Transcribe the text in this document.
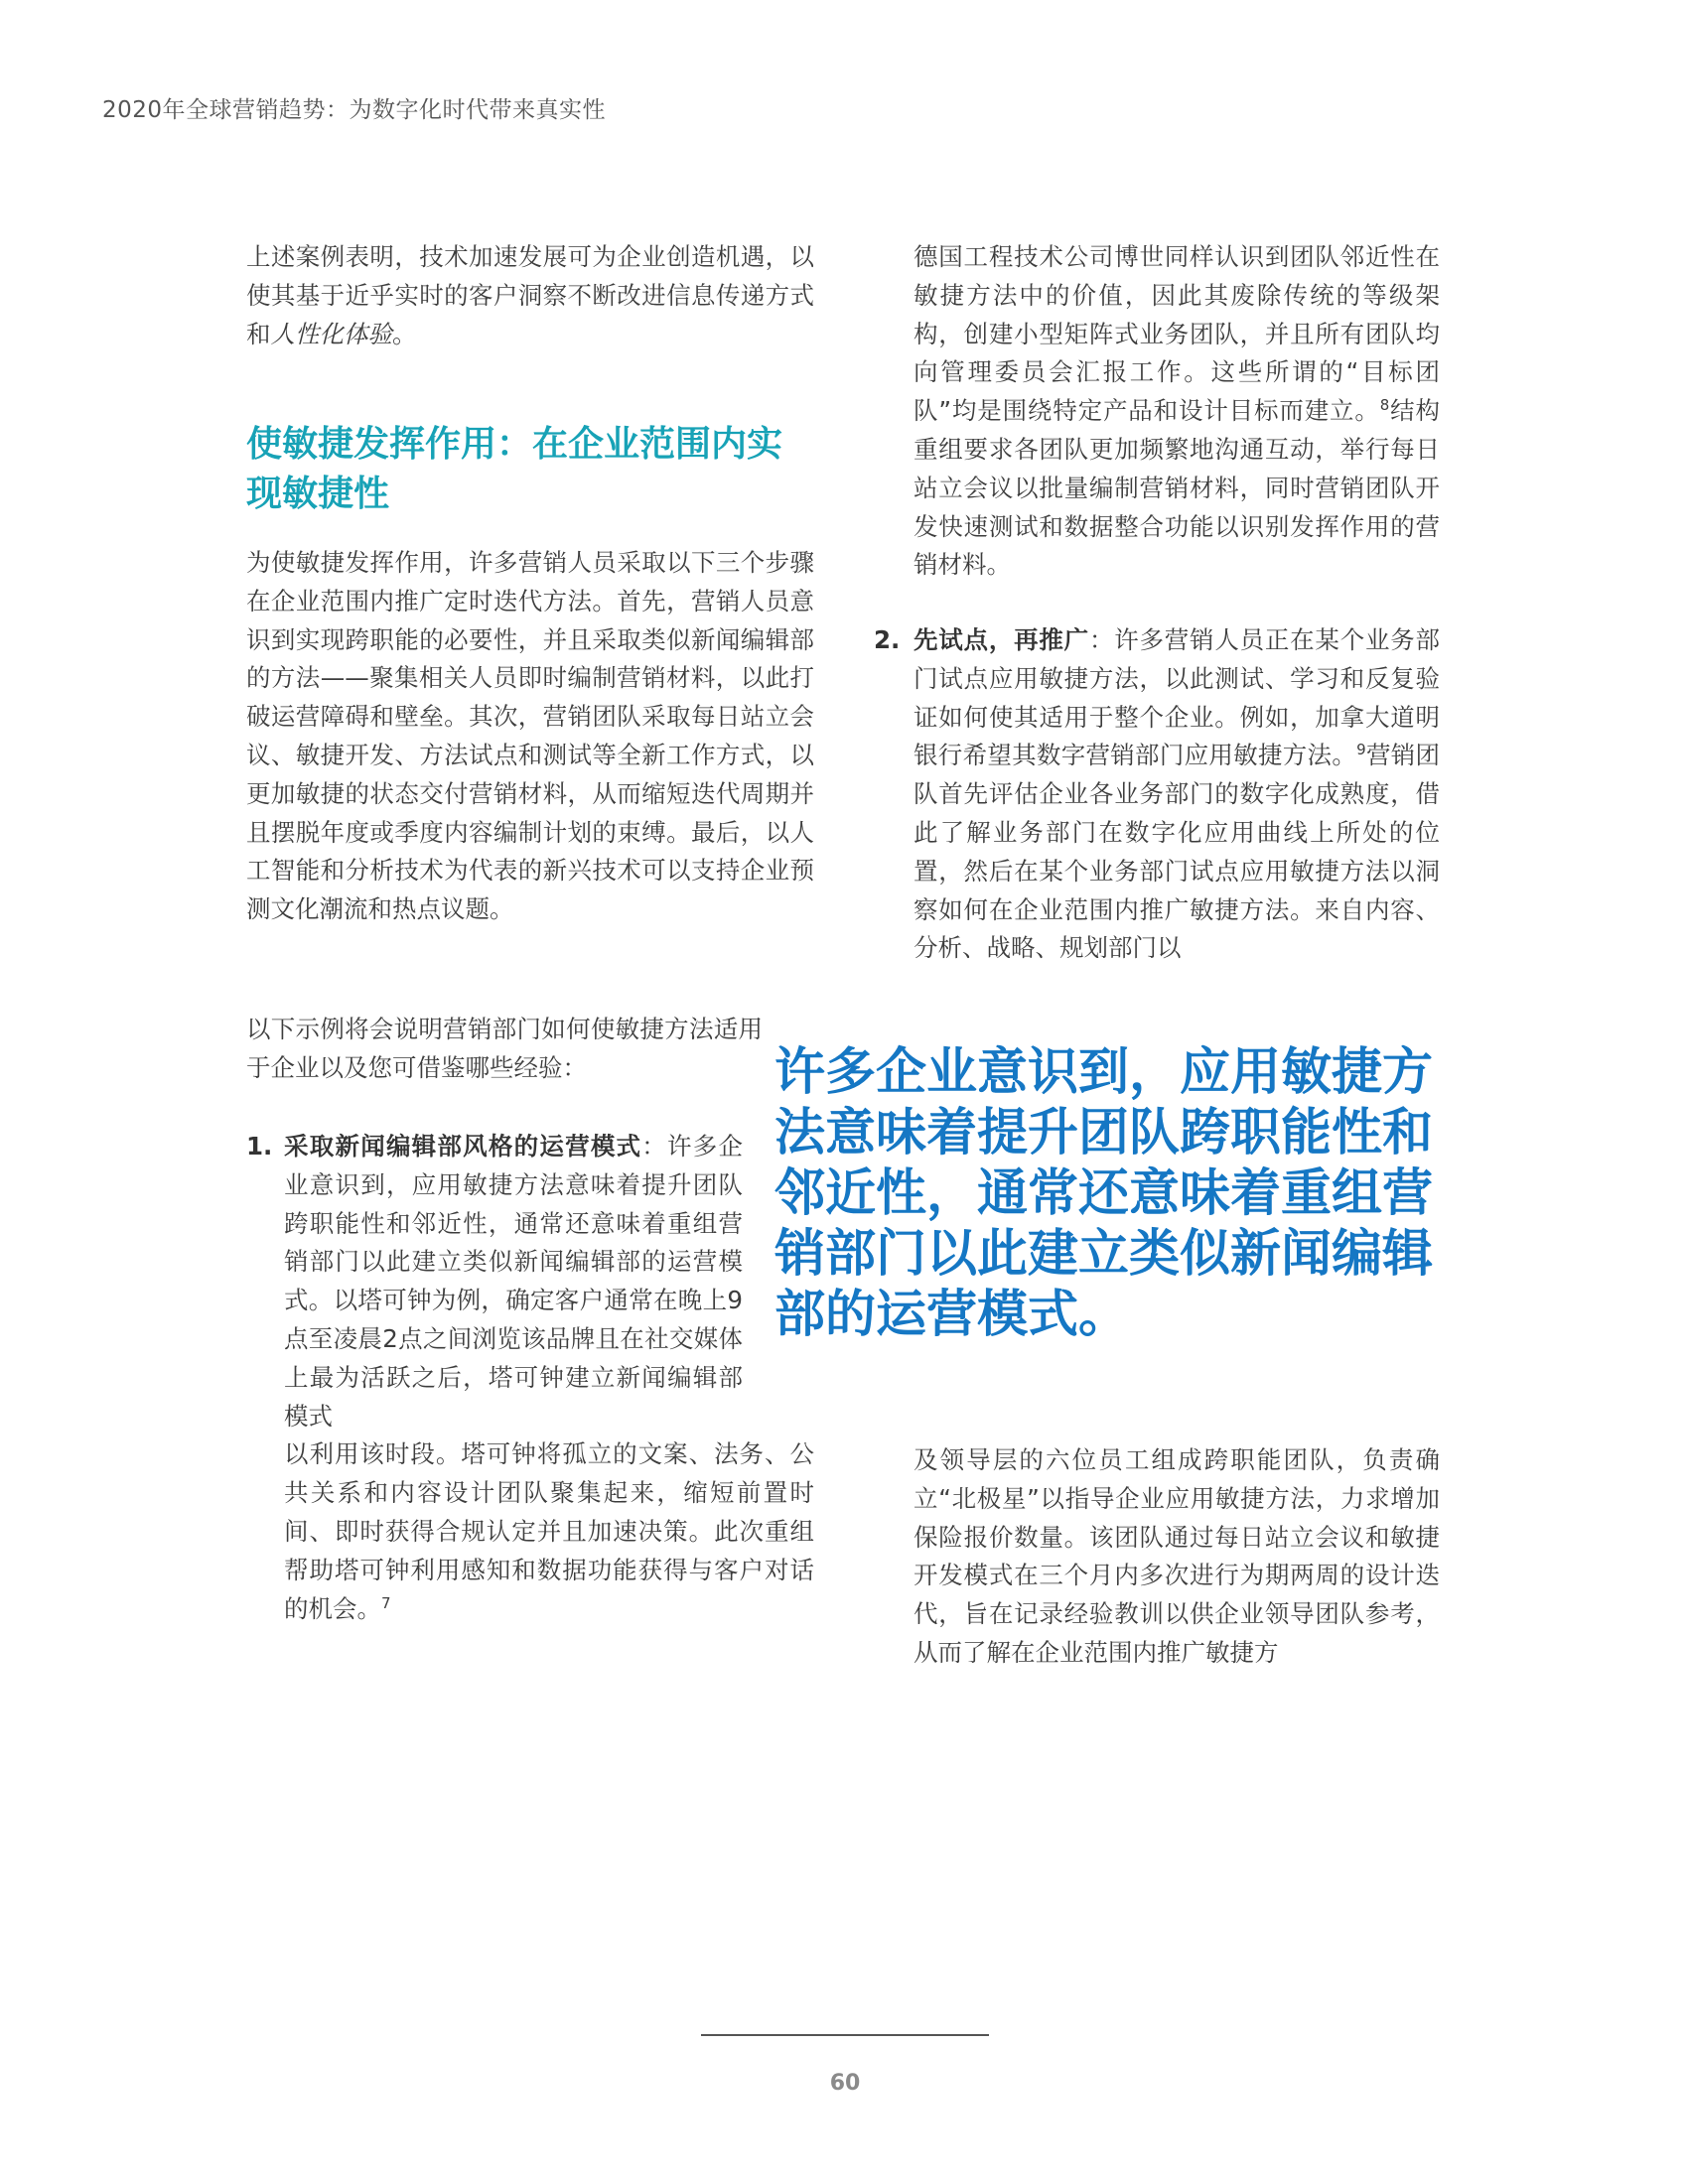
2020年全球营销趋势：为数字化时代带来真实性

上述案例表明，技术加速发展可为企业创造机遇，以使其基于近乎实时的客户洞察不断改进信息传递方式和人性化体验。

使敏捷发挥作用：在企业范围内实现敏捷性

为使敏捷发挥作用，许多营销人员采取以下三个步骤在企业范围内推广定时迭代方法。首先，营销人员意识到实现跨职能的必要性，并且采取类似新闻编辑部的方法——聚集相关人员即时编制营销材料，以此打破运营障碍和壁垒。其次，营销团队采取每日站立会议、敏捷开发、方法试点和测试等全新工作方式，以更加敏捷的状态交付营销材料，从而缩短迭代周期并且摆脱年度或季度内容编制计划的束缚。最后，以人工智能和分析技术为代表的新兴技术可以支持企业预测文化潮流和热点议题。

以下示例将会说明营销部门如何使敏捷方法适用于企业以及您可借鉴哪些经验：

1. 采取新闻编辑部风格的运营模式：许多企业意识到，应用敏捷方法意味着提升团队跨职能性和邻近性，通常还意味着重组营销部门以此建立类似新闻编辑部的运营模式。以塔可钟为例，确定客户通常在晚上9点至凌晨2点之间浏览该品牌且在社交媒体上最为活跃之后，塔可钟建立新闻编辑部模式

以利用该时段。塔可钟将孤立的文案、法务、公共关系和内容设计团队聚集起来，缩短前置时间、即时获得合规认定并且加速决策。此次重组帮助塔可钟利用感知和数据功能获得与客户对话的机会。$^7$

德国工程技术公司博世同样认识到团队邻近性在敏捷方法中的价值，因此其废除传统的等级架构，创建小型矩阵式业务团队，并且所有团队均向管理委员会汇报工作。这些所谓的“目标团队”均是围绕特定产品和设计目标而建立。$^8$结构重组要求各团队更加频繁地沟通互动，举行每日站立会议以批量编制营销材料，同时营销团队开发快速测试和数据整合功能以识别发挥作用的营销材料。

2. 先试点，再推广：许多营销人员正在某个业务部门试点应用敏捷方法，以此测试、学习和反复验证如何使其适用于整个企业。例如，加拿大道明银行希望其数字营销部门应用敏捷方法。$^9$营销团队首先评估企业各业务部门的数字化成熟度，借此了解业务部门在数字化应用曲线上所处的位置，然后在某个业务部门试点应用敏捷方法以洞察如何在企业范围内推广敏捷方法。来自内容、分析、战略、规划部门以

许多企业意识到，应用敏捷方法意味着提升团队跨职能性和邻近性，通常还意味着重组营销部门以此建立类似新闻编辑部的运营模式。

及领导层的六位员工组成跨职能团队，负责确立“北极星”以指导企业应用敏捷方法，力求增加保险报价数量。该团队通过每日站立会议和敏捷开发模式在三个月内多次进行为期两周的设计迭代，旨在记录经验教训以供企业领导团队参考，从而了解在企业范围内推广敏捷方

60
